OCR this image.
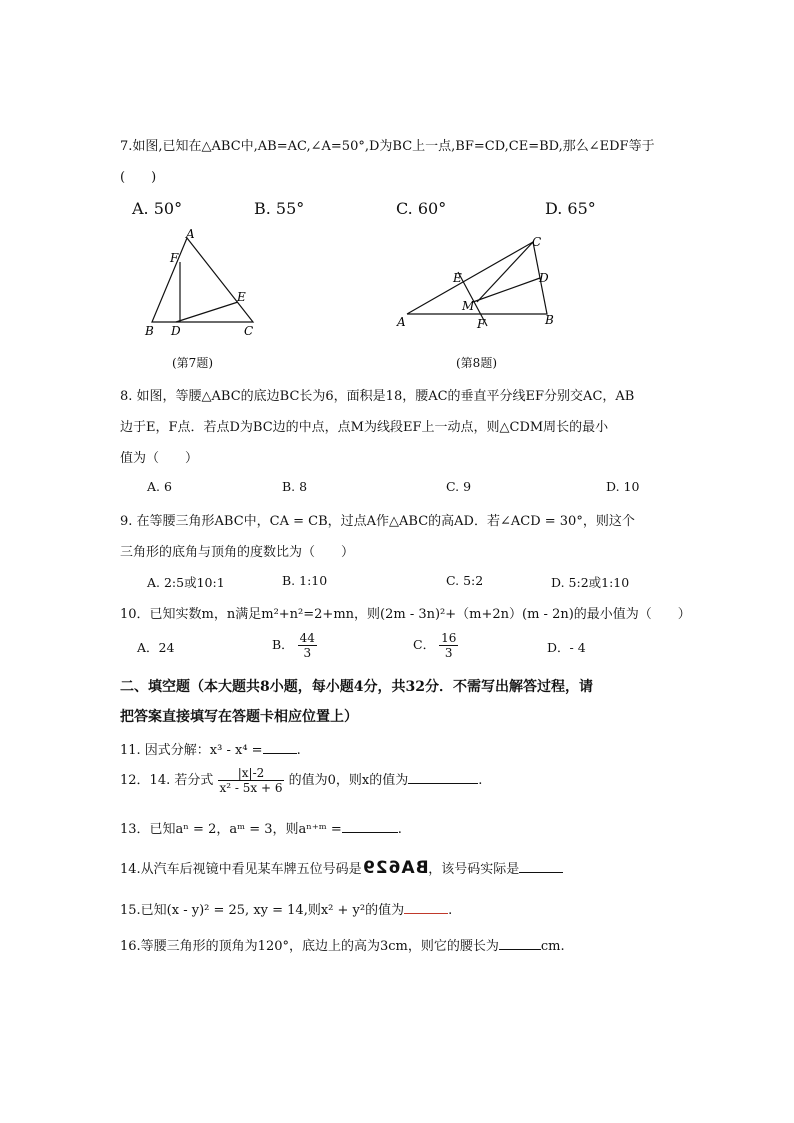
7.如图,已知在△ABC中,AB=AC,∠A=50°,D为BC上一点,BF=CD,CE=BD,那么∠EDF等于
(　　)
A. 50°	B. 55°	C. 60°	D. 65°
A
F
E
B D	C
(第7题)
C
E	D
M
A	F	B
(第8题)
8. 如图，等腰△ABC的底边BC长为6，面积是18，腰AC的垂直平分线EF分别交AC，AB
边于E，F点．若点D为BC边的中点，点M为线段EF上一动点，则△CDM周长的最小
值为（　　）
A. 6	B. 8	C. 9	D. 10
9. 在等腰三角形ABC中，CA = CB，过点A作△ABC的高AD．若∠ACD = 30°，则这个
三角形的底角与顶角的度数比为（　　）
A. 2:5或10:1	B. 1:10	C. 5:2	D. 5:2或1:10
10．已知实数m，n满足m²+n²=2+mn，则(2m - 3n)²+（m+2n）(m - 2n)的最小值为（　　）
A．24	B． $\frac{44}{3}$	C． $\frac{16}{3}$	D．- 4
二、填空题（本大题共8小题，每小题4分，共32分．不需写出解答过程，请
把答案直接填写在答题卡相应位置上）
11. 因式分解：x³ - x⁴ =	.
12．14. 若分式 $\frac{|x|-2}{\text{x² - 5x + 6}}$ 的值为0，则x的值为	.
13．已知aⁿ = 2，aᵐ = 3，则aⁿ⁺ᵐ =	.
14.从汽车后视镜中看见某车牌五位号码是BA629，该号码实际是
15.已知(x - y)² = 25, xy = 14,则x² + y²的值为	.
16.等腰三角形的顶角为120°，底边上的高为3cm，则它的腰长为	cm.
